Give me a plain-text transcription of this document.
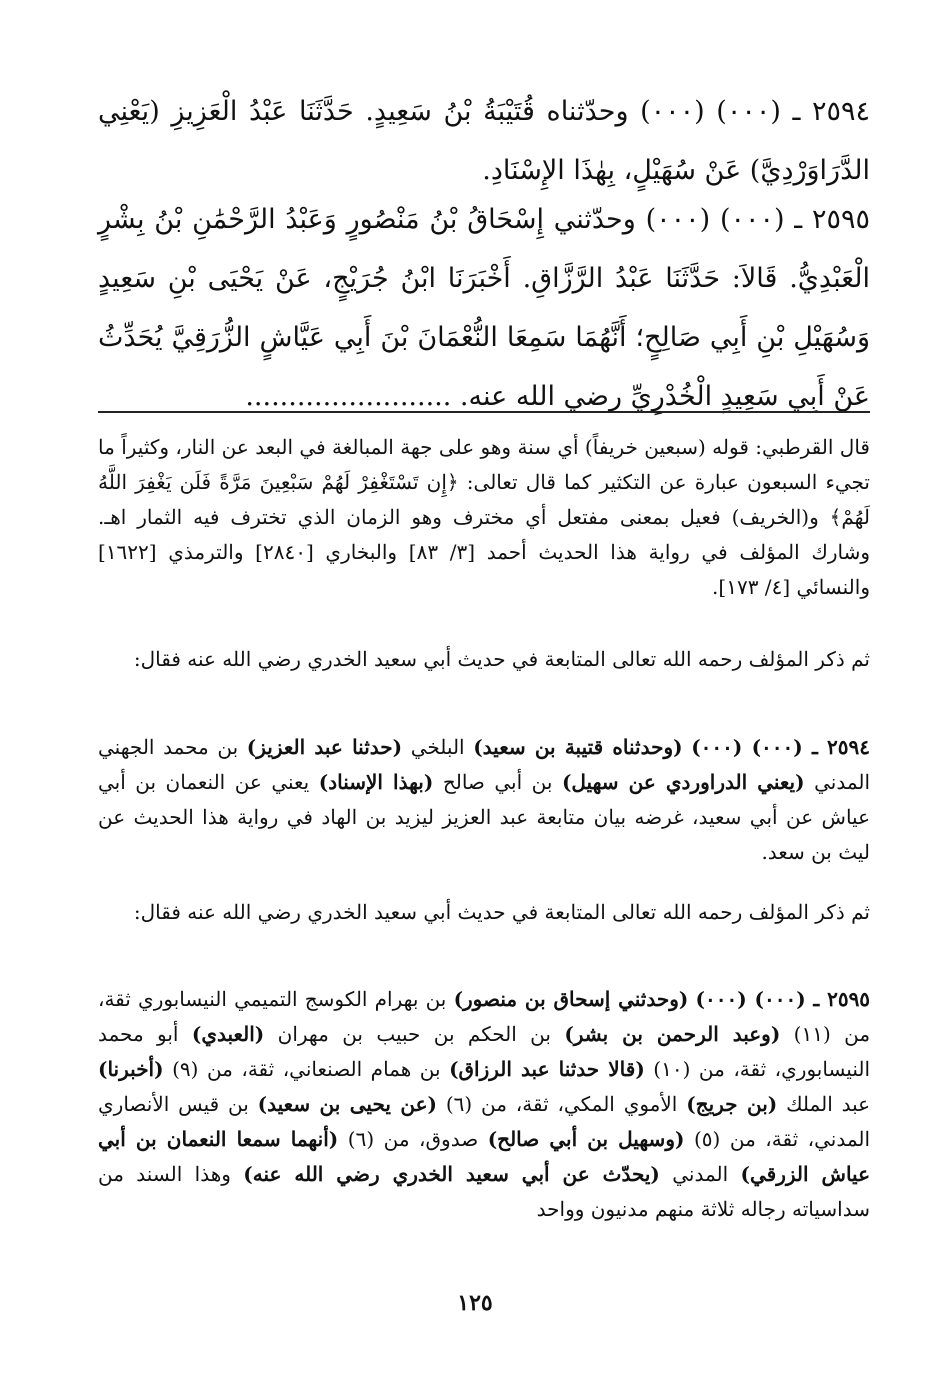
٢٥٩٤ ـ (٠٠٠) (٠٠٠) وحدّثناه قُتَيْبَةُ بْنُ سَعِيدٍ. حَدَّثَنَا عَبْدُ الْعَزِيزِ (يَعْنِي الدَّرَاوَرْدِيَّ) عَنْ سُهَيْلٍ، بِهٰذَا الإِسْنَادِ.

٢٥٩٥ ـ (٠٠٠) (٠٠٠) وحدّثني إِسْحَاقُ بْنُ مَنْصُورٍ وَعَبْدُ الرَّحْمَٰنِ بْنُ بِشْرٍ الْعَبْدِيُّ. قَالاَ: حَدَّثَنَا عَبْدُ الرَّزَّاقِ. أَخْبَرَنَا ابْنُ جُرَيْجٍ، عَنْ يَحْيَى بْنِ سَعِيدٍ وَسُهَيْلِ بْنِ أَبِي صَالِحٍ؛ أَنَّهُمَا سَمِعَا النُّعْمَانَ بْنَ أَبِي عَيَّاشٍ الزُّرَقِيَّ يُحَدِّثُ عَنْ أَبِي سَعِيدٍ الْخُدْرِيِّ رضي الله عنه. ........................

قال القرطبي: قوله (سبعين خريفاً) أي سنة وهو على جهة المبالغة في البعد عن النار، وكثيراً ما تجيء السبعون عبارة عن التكثير كما قال تعالى: ﴿إِن تَسْتَغْفِرْ لَهُمْ سَبْعِينَ مَرَّةً فَلَن يَغْفِرَ اللَّهُ لَهُمْ﴾ و(الخريف) فعيل بمعنى مفتعل أي مخترف وهو الزمان الذي تخترف فيه الثمار اهـ. وشارك المؤلف في رواية هذا الحديث أحمد [٣/ ٨٣] والبخاري [٢٨٤٠] والترمذي [١٦٢٢] والنسائي [٤/ ١٧٣].

ثم ذكر المؤلف رحمه الله تعالى المتابعة في حديث أبي سعيد الخدري رضي الله عنه فقال:

٢٥٩٤ ـ (٠٠٠) (٠٠٠) (وحدثناه قتيبة بن سعيد) البلخي (حدثنا عبد العزيز) بن محمد الجهني المدني (يعني الدراوردي عن سهيل) بن أبي صالح (بهذا الإسناد) يعني عن النعمان بن أبي عياش عن أبي سعيد، غرضه بيان متابعة عبد العزيز ليزيد بن الهاد في رواية هذا الحديث عن ليث بن سعد.

ثم ذكر المؤلف رحمه الله تعالى المتابعة في حديث أبي سعيد الخدري رضي الله عنه فقال:

٢٥٩٥ ـ (٠٠٠) (٠٠٠) (وحدثني إسحاق بن منصور) بن بهرام الكوسج التميمي النيسابوري ثقة، من (١١) (وعبد الرحمن بن بشر) بن الحكم بن حبيب بن مهران (العبدي) أبو محمد النيسابوري، ثقة، من (١٠) (قالا حدثنا عبد الرزاق) بن همام الصنعاني، ثقة، من (٩) (أخبرنا) عبد الملك (بن جريج) الأموي المكي، ثقة، من (٦) (عن يحيى بن سعيد) بن قيس الأنصاري المدني، ثقة، من (٥) (وسهيل بن أبي صالح) صدوق، من (٦) (أنهما سمعا النعمان بن أبي عياش الزرقي) المدني (يحدّث عن أبي سعيد الخدري رضي الله عنه) وهذا السند من سداسياته رجاله ثلاثة منهم مدنيون وواحد

١٢٥
